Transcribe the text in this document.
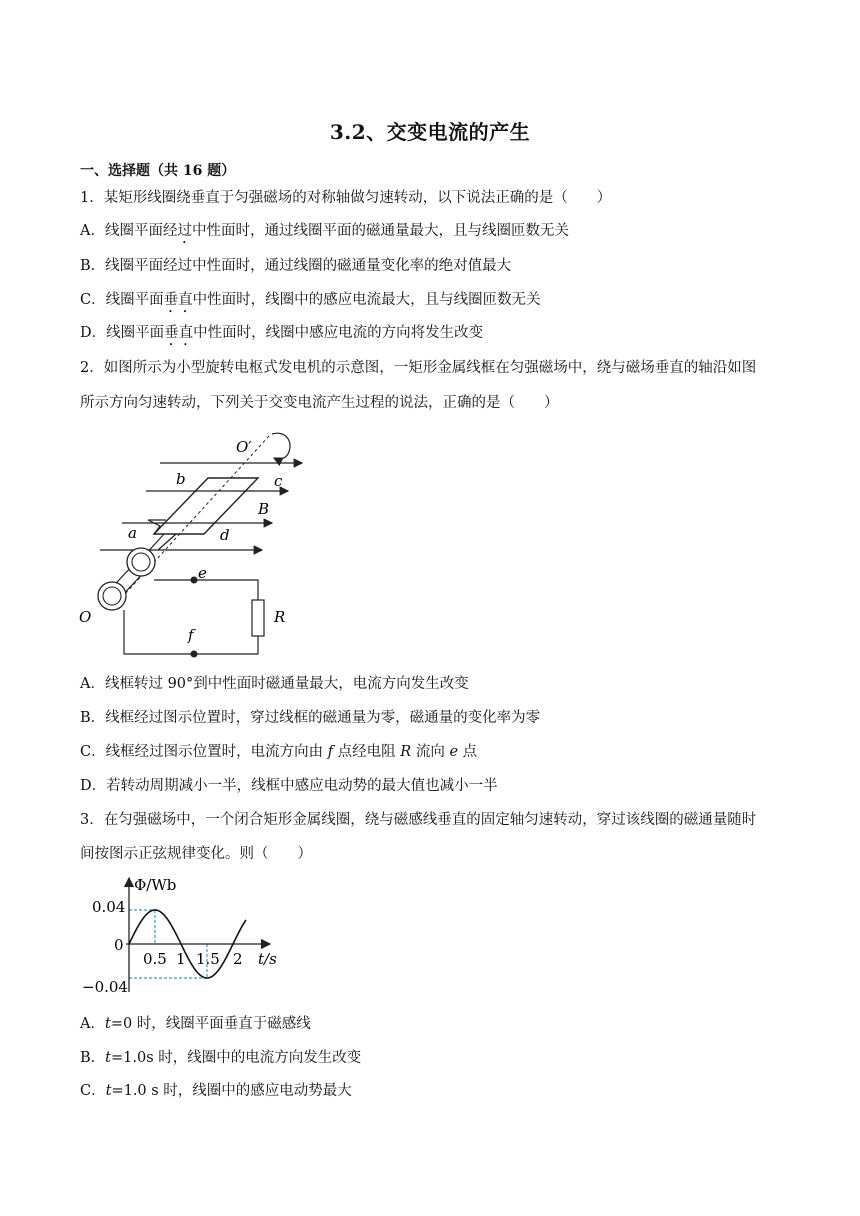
3.2、交变电流的产生
一、选择题（共 16 题）
1．某矩形线圈绕垂直于匀强磁场的对称轴做匀速转动，以下说法正确的是（　　）
A．线圈平面经过中性面时，通过线圈平面的磁通量最大，且与线圈匝数无关
B．线圈平面经过中性面时，通过线圈的磁通量变化率的绝对值最大
C．线圈平面垂直中性面时，线圈中的感应电流最大，且与线圈匝数无关
D．线圈平面垂直中性面时，线圈中感应电流的方向将发生改变
2．如图所示为小型旋转电枢式发电机的示意图，一矩形金属线框在匀强磁场中，绕与磁场垂直的轴沿如图
所示方向匀速转动，下列关于交变电流产生过程的说法，正确的是（　　）
O′
b	c
B
a	d
e
O	R
f
A．线框转过 90°到中性面时磁通量最大，电流方向发生改变
B．线框经过图示位置时，穿过线框的磁通量为零，磁通量的变化率为零
C．线框经过图示位置时，电流方向由 f 点经电阻 R 流向 e 点
D．若转动周期减小一半，线框中感应电动势的最大值也减小一半
3．在匀强磁场中，一个闭合矩形金属线圈，绕与磁感线垂直的固定轴匀速转动，穿过该线圈的磁通量随时
间按图示正弦规律变化。则（　　）
Φ/Wb
t/s
0.04
0
−0.04
0.5 1 1.5 2
A．t=0 时，线圈平面垂直于磁感线
B．t=1.0s 时，线圈中的电流方向发生改变
C．t=1.0 s 时，线圈中的感应电动势最大
